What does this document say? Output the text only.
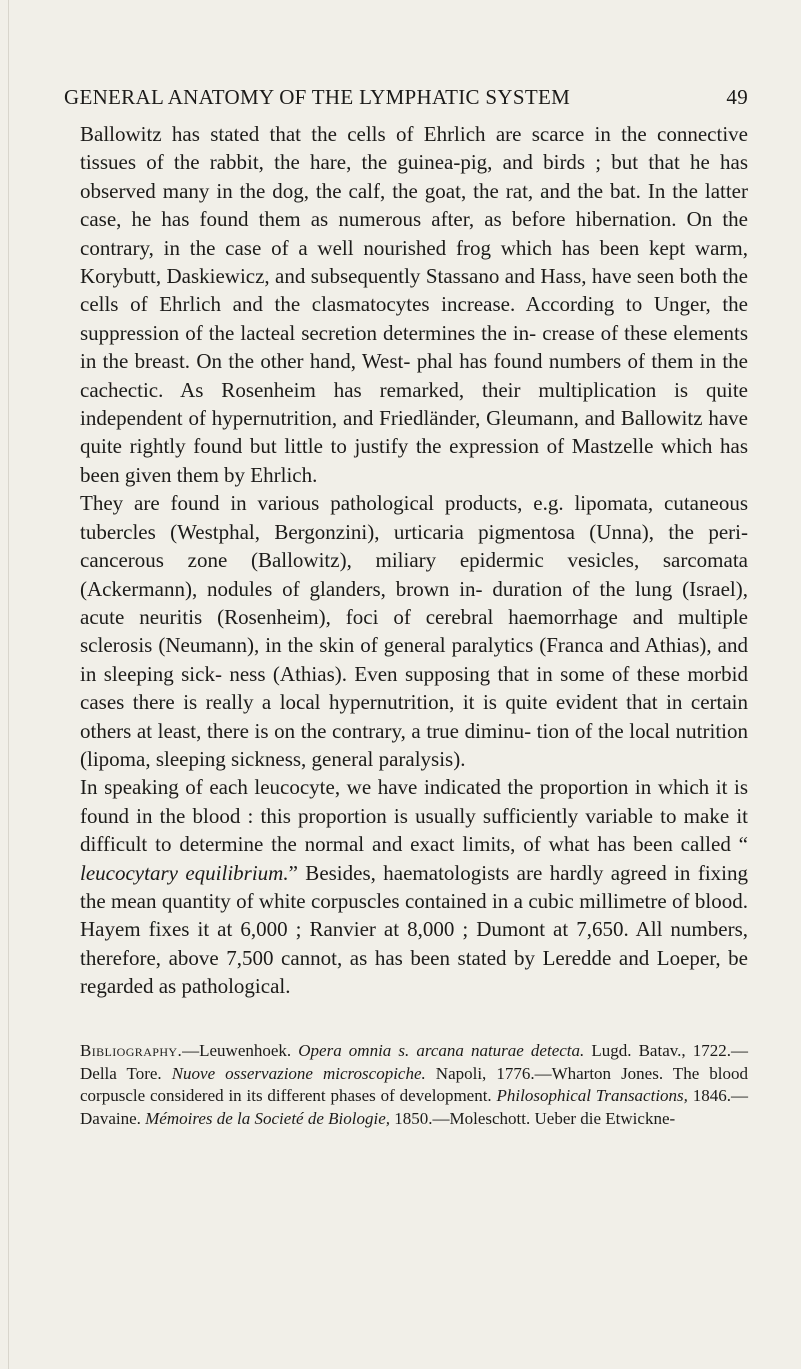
GENERAL ANATOMY OF THE LYMPHATIC SYSTEM	49

Ballowitz has stated that the cells of Ehrlich are scarce in the connective tissues of the rabbit, the hare, the guinea-pig, and birds ; but that he has observed many in the dog, the calf, the goat, the rat, and the bat. In the latter case, he has found them as numerous after, as before hibernation. On the contrary, in the case of a well nourished frog which has been kept warm, Korybutt, Daskiewicz, and subsequently Stassano and Hass, have seen both the cells of Ehrlich and the clasmatocytes increase. According to Unger, the suppression of the lacteal secretion determines the in- crease of these elements in the breast. On the other hand, West- phal has found numbers of them in the cachectic. As Rosenheim has remarked, their multiplication is quite independent of hypernutrition, and Friedländer, Gleumann, and Ballowitz have quite rightly found but little to justify the expression of Mastzelle which has been given them by Ehrlich.

They are found in various pathological products, e.g. lipomata, cutaneous tubercles (Westphal, Bergonzini), urticaria pigmentosa (Unna), the peri-cancerous zone (Ballowitz), miliary epidermic vesicles, sarcomata (Ackermann), nodules of glanders, brown in- duration of the lung (Israel), acute neuritis (Rosenheim), foci of cerebral haemorrhage and multiple sclerosis (Neumann), in the skin of general paralytics (Franca and Athias), and in sleeping sick- ness (Athias). Even supposing that in some of these morbid cases there is really a local hypernutrition, it is quite evident that in certain others at least, there is on the contrary, a true diminu- tion of the local nutrition (lipoma, sleeping sickness, general paralysis).

In speaking of each leucocyte, we have indicated the proportion in which it is found in the blood : this proportion is usually sufficiently variable to make it difficult to determine the normal and exact limits, of what has been called “ leucocytary equilibrium.” Besides, haematologists are hardly agreed in fixing the mean quantity of white corpuscles contained in a cubic millimetre of blood. Hayem fixes it at 6,000 ; Ranvier at 8,000 ; Dumont at 7,650. All numbers, therefore, above 7,500 cannot, as has been stated by Leredde and Loeper, be regarded as pathological.

Bibliography.—Leuwenhoek. Opera omnia s. arcana naturae detecta. Lugd. Batav., 1722.—Della Tore. Nuove osservazione microscopiche. Napoli, 1776.—Wharton Jones. The blood corpuscle considered in its different phases of development. Philosophical Transactions, 1846.—Davaine. Mémoires de la Societé de Biologie, 1850.—Moleschott. Ueber die Etwickne-
